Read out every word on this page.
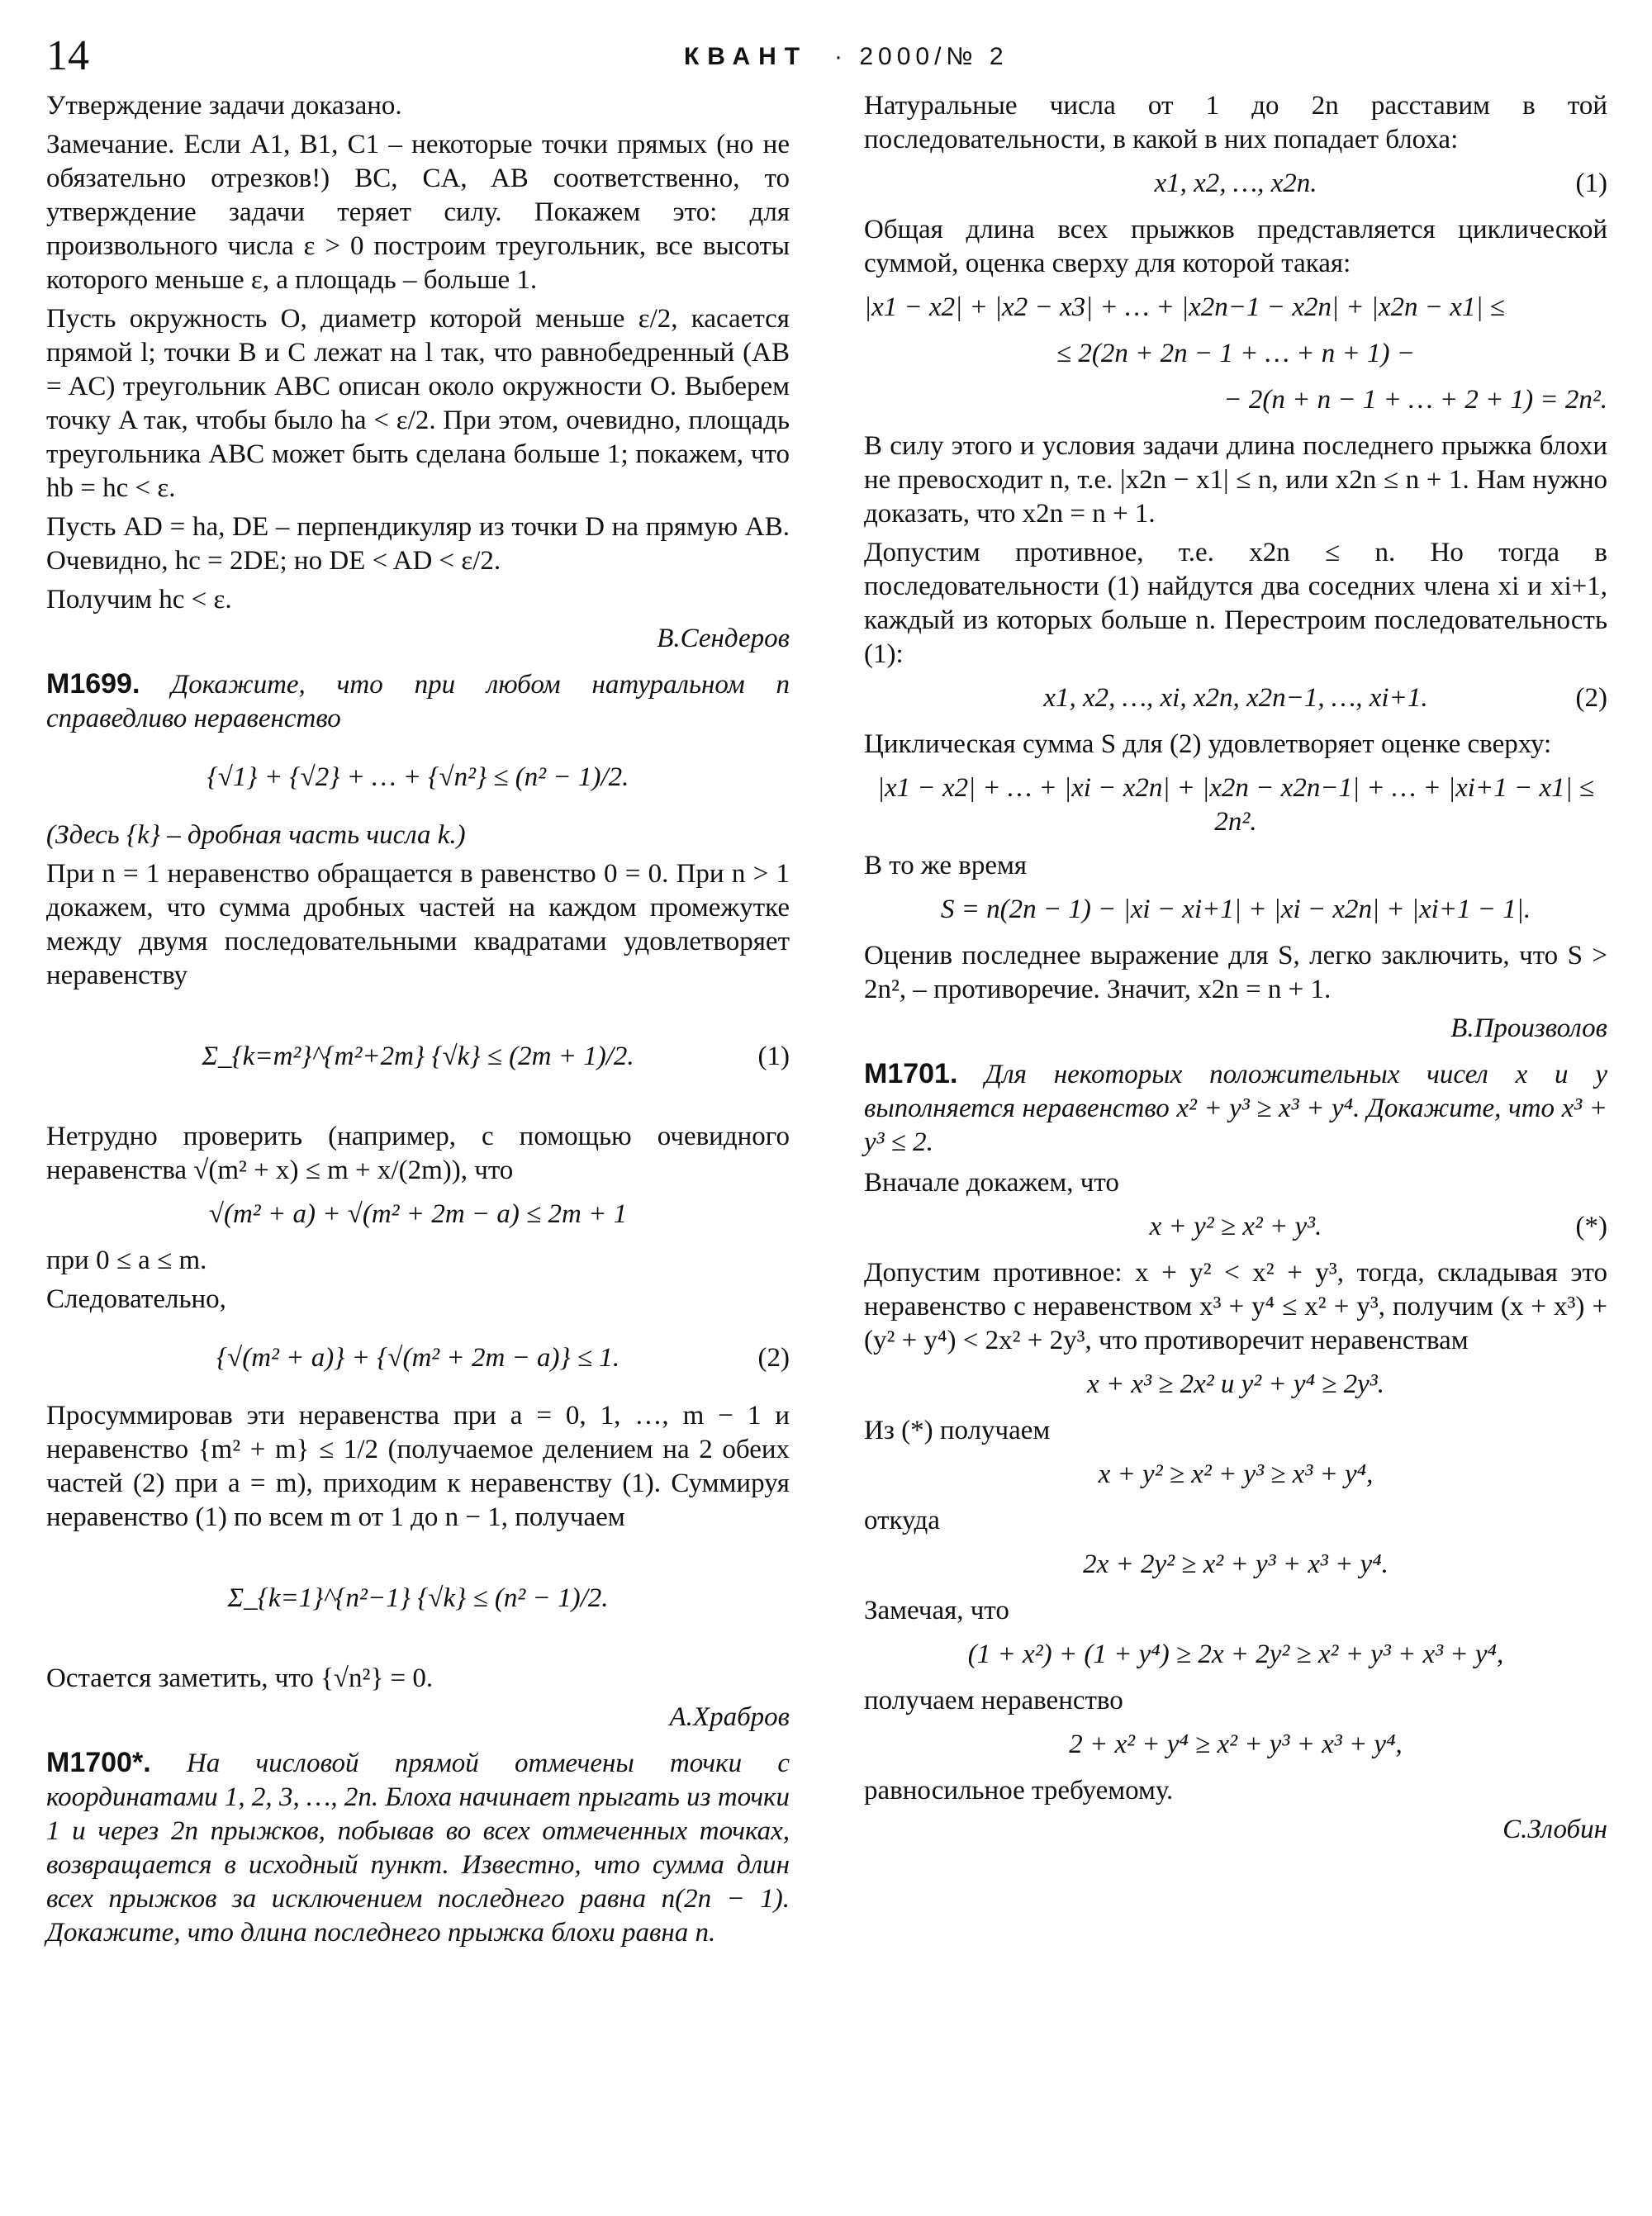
14	КВАНТ · 2000/№ 2

Утверждение задачи доказано.

Замечание. Если A1, B1, C1 – некоторые точки прямых (но не обязательно отрезков!) BC, CA, AB соответственно, то утверждение задачи теряет силу. Покажем это: для произвольного числа ε > 0 построим треугольник, все высоты которого меньше ε, а площадь – больше 1.

Пусть окружность O, диаметр которой меньше ε/2, касается прямой l; точки B и C лежат на l так, что равнобедренный (AB = AC) треугольник ABC описан около окружности O. Выберем точку A так, чтобы было ha < ε/2. При этом, очевидно, площадь треугольника ABC может быть сделана больше 1; покажем, что hb = hc < ε.

Пусть AD = ha, DE – перпендикуляр из точки D на прямую AB. Очевидно, hc = 2DE; но DE < AD < ε/2.

Получим hc < ε.

В.Сендеров
М1699. Докажите, что при любом натуральном n справедливо неравенство
{√1} + {√2} + … + {√n²} ≤ (n² − 1)/2.

(Здесь {k} – дробная часть числа k.)

При n = 1 неравенство обращается в равенство 0 = 0. При n > 1 докажем, что сумма дробных частей на каждом промежутке между двумя последовательными квадратами удовлетворяет неравенству

Σ_{k=m²}^{m²+2m} {√k} ≤ (2m + 1)/2.	(1)

Нетрудно проверить (например, с помощью очевидного неравенства √(m² + x) ≤ m + x/(2m)), что

√(m² + a) + √(m² + 2m − a) ≤ 2m + 1

при 0 ≤ a ≤ m.

Следовательно,

{√(m² + a)} + {√(m² + 2m − a)} ≤ 1.	(2)

Просуммировав эти неравенства при a = 0, 1, …, m − 1 и неравенство {m² + m} ≤ 1/2 (получаемое делением на 2 обеих частей (2) при a = m), приходим к неравенству (1). Суммируя неравенство (1) по всем m от 1 до n − 1, получаем

Σ_{k=1}^{n²−1} {√k} ≤ (n² − 1)/2.

Остается заметить, что {√n²} = 0.

А.Храбров
М1700*. На числовой прямой отмечены точки с координатами 1, 2, 3, …, 2n. Блоха начинает прыгать из точки 1 и через 2n прыжков, побывав во всех отмеченных точках, возвращается в исходный пункт. Известно, что сумма длин всех прыжков за исключением последнего равна n(2n − 1). Докажите, что длина последнего прыжка блохи равна n.

Натуральные числа от 1 до 2n расставим в той последовательности, в какой в них попадает блоха:

x1, x2, …, x2n.	(1)

Общая длина всех прыжков представляется циклической суммой, оценка сверху для которой такая:

|x1 − x2| + |x2 − x3| + … + |x2n−1 − x2n| + |x2n − x1| ≤
≤ 2(2n + 2n − 1 + … + n + 1) −
− 2(n + n − 1 + … + 2 + 1) = 2n².

В силу этого и условия задачи длина последнего прыжка блохи не превосходит n, т.е. |x2n − x1| ≤ n, или x2n ≤ n + 1. Нам нужно доказать, что x2n = n + 1.

Допустим противное, т.е. x2n ≤ n. Но тогда в последовательности (1) найдутся два соседних члена xi и xi+1, каждый из которых больше n. Перестроим последовательность (1):

x1, x2, …, xi, x2n, x2n−1, …, xi+1.	(2)

Циклическая сумма S для (2) удовлетворяет оценке сверху:

|x1 − x2| + … + |xi − x2n| + |x2n − x2n−1| + … + |xi+1 − x1| ≤ 2n².

В то же время

S = n(2n − 1) − |xi − xi+1| + |xi − x2n| + |xi+1 − 1|.

Оценив последнее выражение для S, легко заключить, что S > 2n², – противоречие. Значит, x2n = n + 1.

В.Произволов
М1701. Для некоторых положительных чисел x и y выполняется неравенство x² + y³ ≥ x³ + y⁴. Докажите, что x³ + y³ ≤ 2.

Вначале докажем, что

x + y² ≥ x² + y³.	(*)

Допустим противное: x + y² < x² + y³, тогда, складывая это неравенство с неравенством x³ + y⁴ ≤ x² + y³, получим (x + x³) + (y² + y⁴) < 2x² + 2y³, что противоречит неравенствам

x + x³ ≥ 2x² и y² + y⁴ ≥ 2y³.

Из (*) получаем

x + y² ≥ x² + y³ ≥ x³ + y⁴,

откуда

2x + 2y² ≥ x² + y³ + x³ + y⁴.

Замечая, что

(1 + x²) + (1 + y⁴) ≥ 2x + 2y² ≥ x² + y³ + x³ + y⁴,

получаем неравенство

2 + x² + y⁴ ≥ x² + y³ + x³ + y⁴,

равносильное требуемому.

С.Злобин
